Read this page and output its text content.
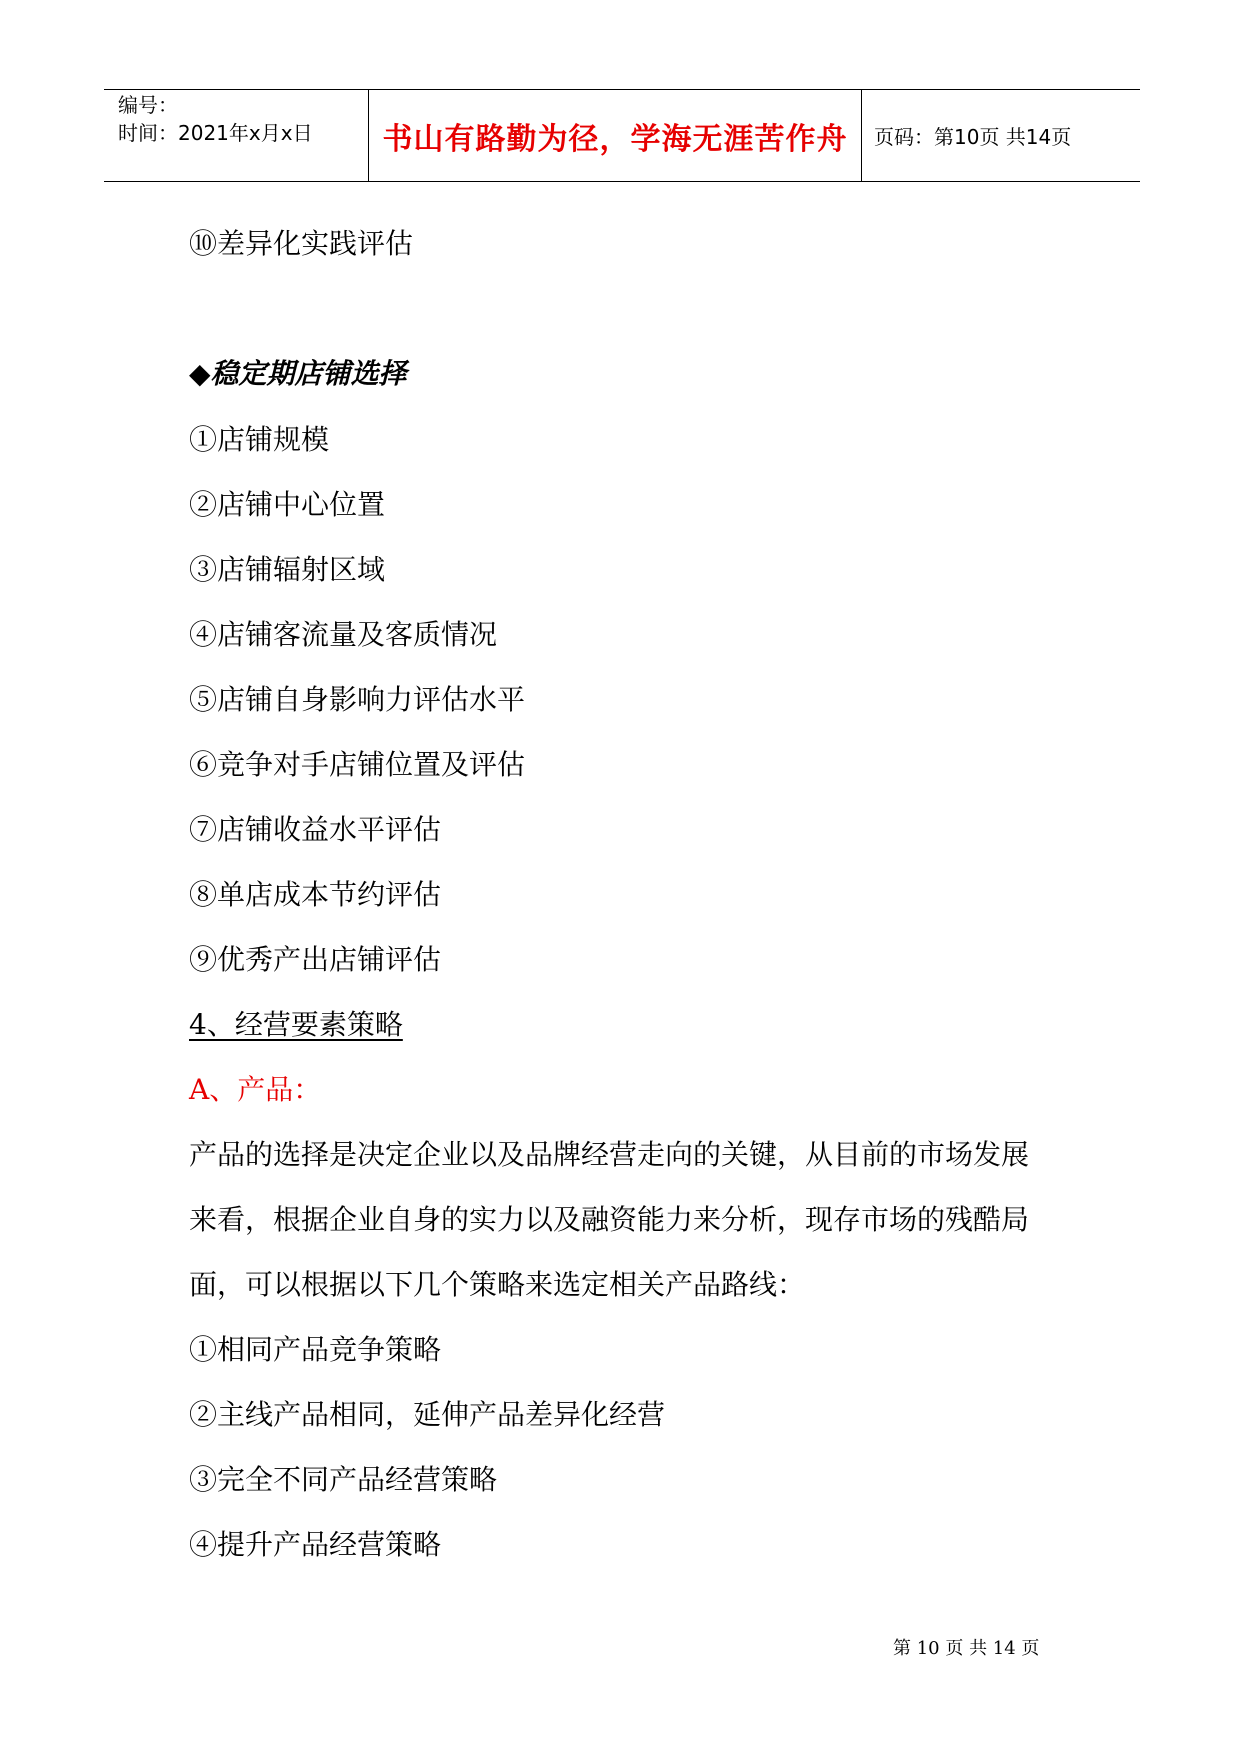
编号：
时间：2021年x月x日 书山有路勤为径，学海无涯苦作舟 页码：第10页 共14页
⑩差异化实践评估
◆稳定期店铺选择
①店铺规模
②店铺中心位置
③店铺辐射区域
④店铺客流量及客质情况
⑤店铺自身影响力评估水平
⑥竞争对手店铺位置及评估
⑦店铺收益水平评估
⑧单店成本节约评估
⑨优秀产出店铺评估
4、经营要素策略
A、产品：
产品的选择是决定企业以及品牌经营走向的关键，从目前的市场发展
来看，根据企业自身的实力以及融资能力来分析，现存市场的残酷局
面，可以根据以下几个策略来选定相关产品路线：
①相同产品竞争策略
②主线产品相同，延伸产品差异化经营
③完全不同产品经营策略
④提升产品经营策略
第 10 页 共 14 页
